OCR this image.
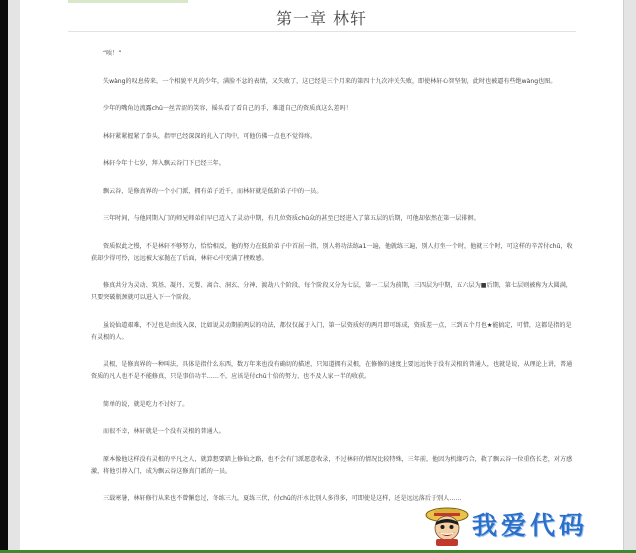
第一章 林轩

“唉！”

失wàng的叹息传来，一个相貌平凡的少年，满脸不忿的表情，又失败了，这已经是三个月来的第四十九次冲关失败，即使林轩心智坚韧，此时也被逼有些绝wàng也图。

少年的嘴角边流露chū一丝苦涩的笑容，摇头看了看自己的手，难道自己的资质真这么差吗！

林轩紧紧握紧了拳头，指甲已经深深的扎入了肉中，可他仿佛一点也不觉得疼。

林轩今年十七岁，拜入飘云谷门下已经三年。

飘云谷，是修真界的一个小门派，拥有弟子近千，而林轩就是低阶弟子中的一员。

三年时间，与他同期入门的师兄师弟们早已迈入了灵动中期，有几位资质chū众的甚至已经进入了第五层的后期，可他却依然在第一层徘徊。

资质似此之慢，不是林轩不够努力，恰恰相反，他的努力在低阶弟子中首屈一指，别人将功法练a1一遍，他就练三遍，别人打坐一个时，他就三个时，可这样的辛苦付chū，收获却少得可怜，远远被大家抛在了后面，林轩心中充满了挫败感。

修真共分为灵动、筑基、凝丹、元婴、离合、洞玄、分神、渡劫八个阶段，每个阶段又分为七层，第一二层为前期，三四层为中期，五六层为■后期，第七层则被称为大圆满，只要突破瓶颈就可以进入下一个阶段。

虽说仙道艰难，不过也是由浅入深，比如说灵动期前两层的功法，都仅仅属于入门，第一层资质好的两月即可练成，资质差一点，三到五个月也★能搞定，可惜，这都是指的是有灵根的人。

灵根，是修真界的一种叫法，具体是指什么东西，数万年来也没有确切的描述，只知道拥有灵根，在修修的速度上要远远快于没有灵根的普通人，也就是说，从理论上讲，普通资质的凡人也不是不能修真，只是事倍功半……不，应该是付chū十倍的努力，也不及人家一半的收获。

简单的说，就是吃力不讨好了。

而很不幸，林轩就是一个没有灵根的普通人。

原本像他这样没有灵根的平凡之人，就算想要踏上修仙之路，也不会有门派愿意收录，不过林轩的情况比较特殊，三年前，他因为机缘巧合，救了飘云谷一位重伤长老，对方感激，将他引荐入门，成为飘云谷这修真门派的一员。

三载寒暑，林轩修行从来也不曾懈怠过，冬练三九，夏练三伏，付chū的汗水比别人多得多，可即使是这样，还是远远落后于别人……

我爱代码
